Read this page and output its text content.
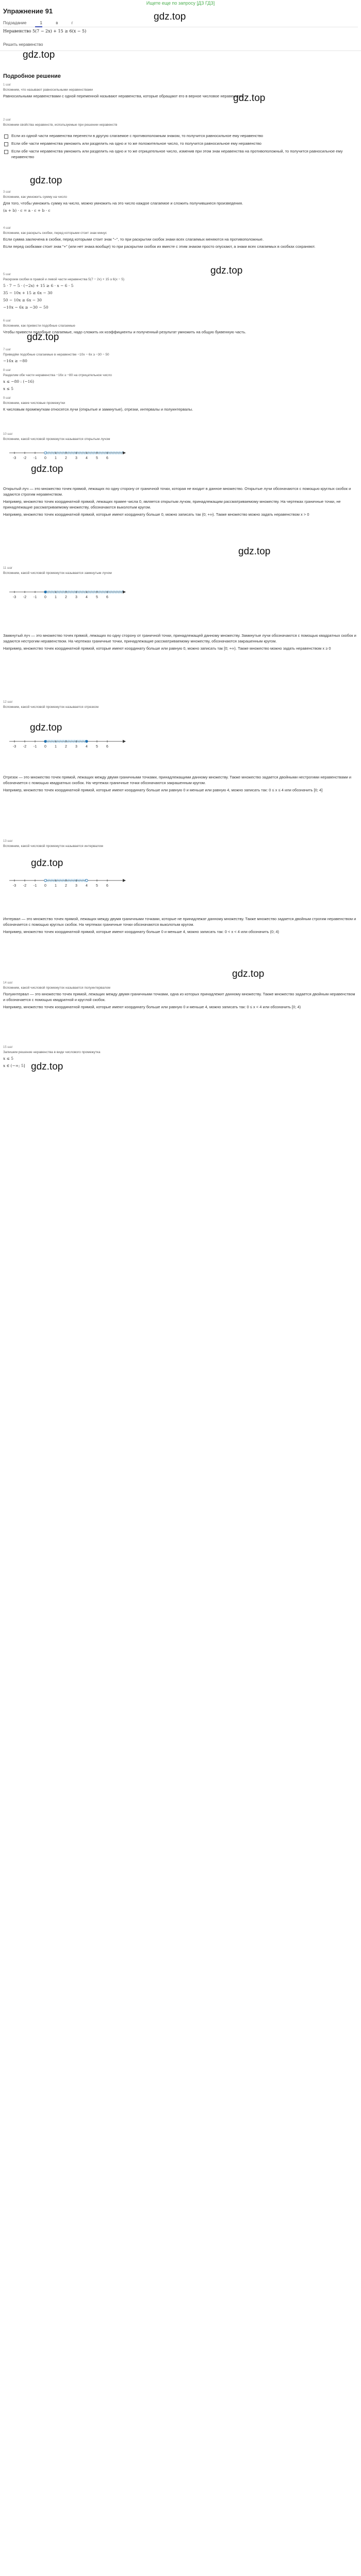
Ищете еще по запросу [ДЗ ГДЗ]
Упражнение 91
Подзадание	1	в	г
Неравенство 5(7 − 2x) + 15 ≥ 6(x − 5)
Решить неравенство
Подробное решение
1 шаг
Вспомним, что называют равносильными неравенствами
Равносильными неравенствами с одной переменной называют неравенства, которые обращают его в верное числовое неравенство.
2 шаг
Вспомним свойства неравенств, используемые при решении неравенств
Если из одной части неравенства перенести в другую слагаемое с противоположным знаком, то получится равносильное ему неравенство
Если обе части неравенства умножить или разделить на одно и то же положительное число, то получится равносильное ему неравенство
Если обе части неравенства умножить или разделить на одно и то же отрицательное число, изменив при этом знак неравенства на противоположный, то получится равносильное ему неравенство
3 шаг
Вспомним, как умножить сумму на число
Для того, чтобы умножить сумму на число, можно умножить на это число каждое слагаемое и сложить получившиеся произведения.
(a + b) · c = a · c + b · c
4 шаг
Вспомним, как раскрыть скобки, перед которыми стоит знак минус
Если сумма заключена в скобки, перед которыми стоит знак "−", то при раскрытии скобок знаки всех слагаемых меняются на противоположные.
Если перед скобками стоит знак "+" (или нет знака вообще) то при раскрытии скобок их вместе с этим знаком просто опускают, а знаки всех слагаемых в скобках сохраняют.
5 шаг
Раскроем скобки в правой и левой части неравенства 5(7 − 2x) + 15 ≥ 6(x − 5)
5 · 7 − 5 · (−2x) + 15 ≥ 6 · x − 6 · 5
35 − 10x + 15 ≥ 6x − 30
50 − 10x ≥ 6x − 30
−10x − 6x ≥ −30 − 50
6 шаг
Вспомним, как привести подобные слагаемые
Чтобы привести подобные слагаемые, надо сложить их коэффициенты и полученный результат умножить на общую буквенную часть.
7 шаг
Приведём подобные слагаемые в неравенстве −10x − 6x ≥ −30 − 50
−16x ≥ −80
8 шаг
Разделим обе части неравенства −16x ≥ −80 на отрицательное число
x ≤ −80 : (−16)
x ≤ 5
9 шаг
Вспомним, какие числовые промежутки
К числовым промежуткам относятся лучи (открытые и замкнутые), отрезки, интервалы и полуинтервалы.
10 шаг
Вспомним, какой числовой промежуток называется открытым лучом
-3 -2 -1 0 1 2 3 4 5 6
Открытый луч — это множество точек прямой, лежащих по одну сторону от граничной точки, которая не входит в данное множество. Открытые лучи обозначаются с помощью круглых скобок и задаются строгим неравенством.
Например, множество точек координатной прямой, лежащих правее числа 0, является открытым лучом, принадлежащим рассматриваемому множеству. На чертежах граничные точки, не принадлежащие рассматриваемому множеству, обозначаются выколотым кругом.
Например, множество точек координатной прямой, которые имеют координату больше 0, можно записать так (0; +∞). Также множество можно задать неравенством x > 0
11 шаг
Вспомним, какой числовой промежуток называется замкнутым лучом
-3 -2 -1 0 1 2 3 4 5 6
Замкнутый луч — это множество точек прямой, лежащих по одну сторону от граничной точки, принадлежащей данному множеству. Замкнутые лучи обозначаются с помощью квадратных скобок и задаются нестрогим неравенством. На чертежах граничные точки, принадлежащие рассматриваемому множеству, обозначаются закрашенным кругом.
Например, множество точек координатной прямой, которые имеют координату больше или равную 0, можно записать так [0; +∞). Также множество можно задать неравенством x ≥ 0
12 шаг
Вспомним, какой числовой промежуток называется отрезком
-3 -2 -1 0 1 2 3 4 5 6
Отрезок — это множество точек прямой, лежащих между двумя граничными точками, принадлежащими данному множеству. Также множество задается двойными нестрогими неравенствами и обозначается с помощью квадратных скобок. На чертежах граничные точки обозначаются закрашенным кругом.
Например, множество точек координатной прямой, которые имеют координату больше или равную 0 и меньше или равную 4, можно записать так: 0 ≤ x ≤ 4 или обозначить [0; 4]
13 шаг
Вспомним, какой числовой промежуток называется интервалом
-3 -2 -1 0 1 2 3 4 5 6
Интервал — это множество точек прямой, лежащих между двумя граничными точками, которые не принадлежат данному множеству. Также множество задается двойным строгим неравенством и обозначается с помощью круглых скобок. На чертежах граничные точки обозначаются выколотым кругом.
Например, множество точек координатной прямой, которые имеют координату больше 0 и меньше 4, можно записать так: 0 < x < 4 или обозначить (0; 4)
14 шаг
Вспомним, какой числовой промежуток называется полуинтервалом
Полуинтервал — это множество точек прямой, лежащих между двумя граничными точками, одна из которых принадлежит данному множеству. Также множество задается двойным неравенством и обозначается с помощью квадратной и круглой скобок.
Например, множество точек координатной прямой, которые имеют координату больше или равную 0 и меньше 4, можно записать так: 0 ≤ x < 4 или обозначить [0; 4)
15 шаг
Запишем решение неравенства в виде числового промежутка
x ≤ 5
x ∈ (−∞; 5]
gdz.top
gdz.top
gdz.top
gdz.top
gdz.top
gdz.top
gdz.top
gdz.top
gdz.top
gdz.top
gdz.top
gdz.top
